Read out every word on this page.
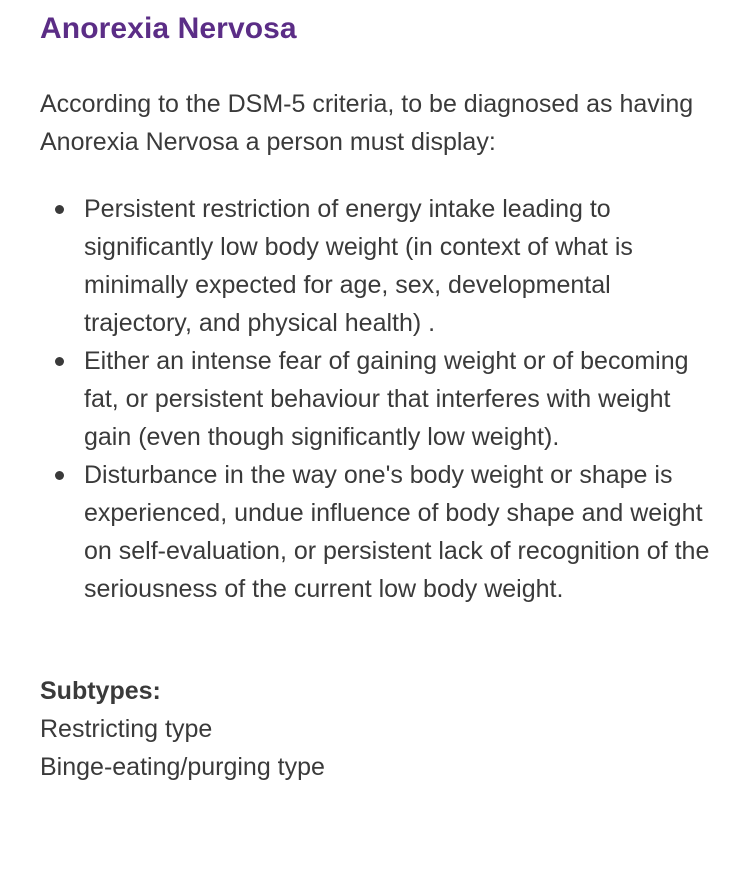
Anorexia Nervosa

According to the DSM-5 criteria, to be diagnosed as having Anorexia Nervosa a person must display:

Persistent restriction of energy intake leading to significantly low body weight (in context of what is minimally expected for age, sex, developmental trajectory, and physical health) .
Either an intense fear of gaining weight or of becoming fat, or persistent behaviour that interferes with weight gain (even though significantly low weight).
Disturbance in the way one's body weight or shape is experienced, undue influence of body shape and weight on self-evaluation, or persistent lack of recognition of the seriousness of the current low body weight.
Subtypes:
Restricting type
Binge-eating/purging type
